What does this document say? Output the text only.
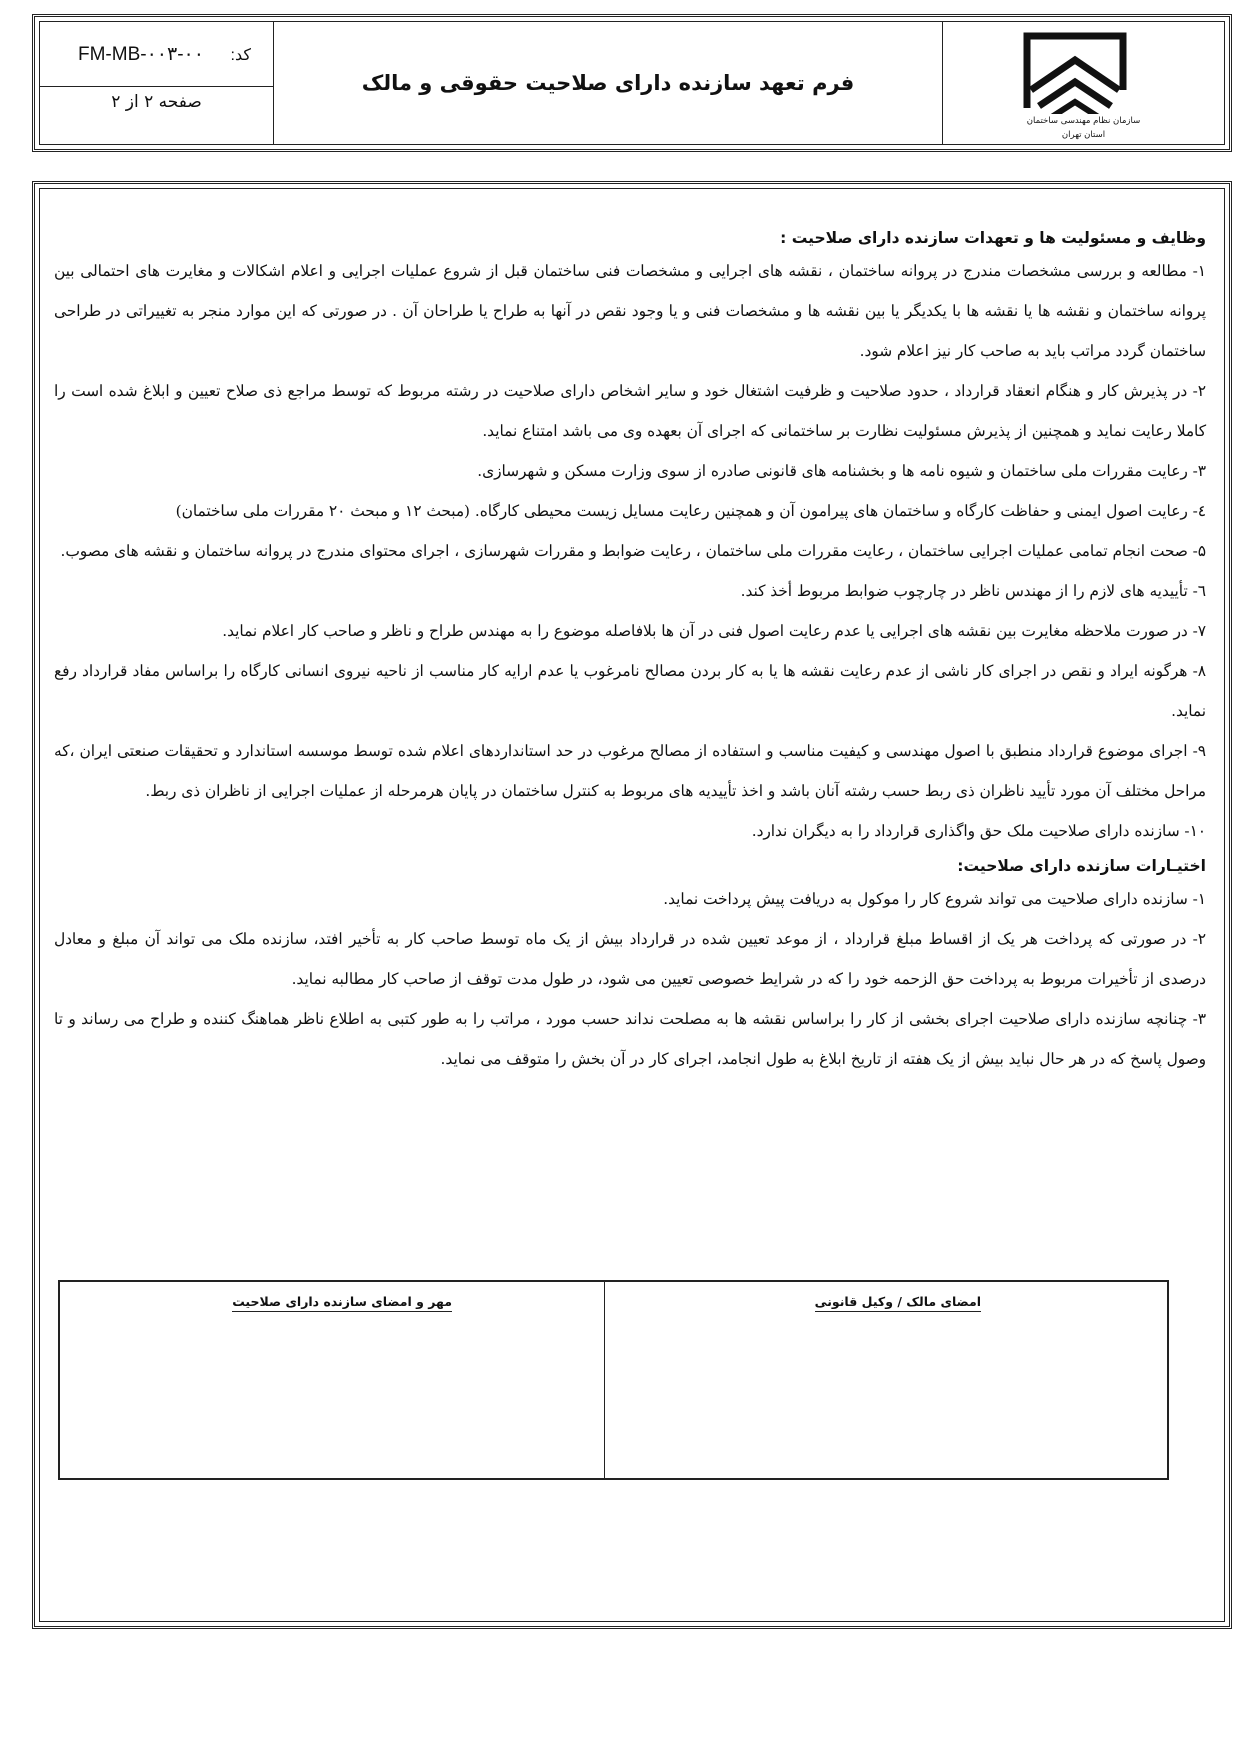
FM-MB-۰۰۳-۰۰ کد:
صفحه ۲ از ۲
فرم تعهد سازنده دارای صلاحیت حقوقی و مالک
سازمان نظام مهندسی ساختمان
استان تهران
وظایف و مسئولیت ها و تعهدات سازنده دارای صلاحیت :

۱- مطالعه و بررسی مشخصات مندرج در پروانه ساختمان ، نقشه های اجرایی و مشخصات فنی ساختمان قبل از شروع عملیات اجرایی و اعلام اشکالات و مغایرت های احتمالی بین پروانه ساختمان و نقشه ها یا نقشه ها با یکدیگر یا بین نقشه ها و مشخصات فنی و یا وجود نقص در آنها به طراح یا طراحان آن . در صورتی که این موارد منجر به تغییراتی در طراحی ساختمان گردد مراتب باید به صاحب کار نیز اعلام شود.

۲- در پذیرش کار و هنگام انعقاد قرارداد ، حدود صلاحیت و ظرفیت اشتغال خود و سایر اشخاص دارای صلاحیت در رشته مربوط که توسط مراجع ذی صلاح تعیین و ابلاغ شده است را کاملا رعایت نماید و همچنین از پذیرش مسئولیت نظارت بر ساختمانی که اجرای آن بعهده وی می باشد امتناع نماید.

۳- رعایت مقررات ملی ساختمان و شیوه نامه ها و بخشنامه های قانونی صادره از سوی وزارت مسکن و شهرسازی.

٤- رعایت اصول ایمنی و حفاظت کارگاه و ساختمان های پیرامون آن و همچنین رعایت مسایل زیست محیطی کارگاه. (مبحث ۱۲ و مبحث ۲۰ مقررات ملی ساختمان)

۵- صحت انجام تمامی عملیات اجرایی ساختمان ، رعایت مقررات ملی ساختمان ، رعایت ضوابط و مقررات شهرسازی ، اجرای محتوای مندرج در پروانه ساختمان و نقشه های مصوب.

٦- تأییدیه های لازم را از مهندس ناظر در چارچوب ضوابط مربوط أخذ کند.

۷- در صورت ملاحظه مغایرت بین نقشه های اجرایی یا عدم رعایت اصول فنی در آن ها بلافاصله موضوع را به مهندس طراح و ناظر و صاحب کار اعلام نماید.

۸- هرگونه ایراد و نقص در اجرای کار ناشی از عدم رعایت نقشه ها یا به کار بردن مصالح نامرغوب یا عدم ارایه کار مناسب از ناحیه نیروی انسانی کارگاه را براساس مفاد قرارداد رفع نماید.

۹- اجرای موضوع قرارداد منطبق با اصول مهندسی و کیفیت مناسب و استفاده از مصالح مرغوب در حد استانداردهای اعلام شده توسط موسسه استاندارد و تحقیقات صنعتی ایران ،که مراحل مختلف آن مورد تأیید ناظران ذی ربط حسب رشته آنان باشد و اخذ تأییدیه های مربوط به کنترل ساختمان در پایان هرمرحله از عملیات اجرایی از ناظران ذی ربط.

۱۰- سازنده دارای صلاحیت ملک حق واگذاری قرارداد را به دیگران ندارد.

اختیـارات سازنده دارای صلاحیت:

۱- سازنده دارای صلاحیت می تواند شروع کار را موکول به دریافت پیش پرداخت نماید.

۲- در صورتی که پرداخت هر یک از اقساط مبلغ قرارداد ، از موعد تعیین شده در قرارداد بیش از یک ماه توسط صاحب کار به تأخیر افتد، سازنده ملک می تواند آن مبلغ و معادل درصدی از تأخیرات مربوط به پرداخت حق الزحمه خود را که در شرایط خصوصی تعیین می شود، در طول مدت توقف از صاحب کار مطالبه نماید.

۳- چنانچه سازنده دارای صلاحیت اجرای بخشی از کار را براساس نقشه ها به مصلحت نداند حسب مورد ، مراتب را به طور کتبی به اطلاع ناظر هماهنگ کننده و طراح می رساند و تا وصول پاسخ که در هر حال نباید بیش از یک هفته از تاریخ ابلاغ به طول انجامد، اجرای کار در آن بخش را متوقف می نماید.

مهر و امضای سازنده دارای صلاحیت	امضای مالک / وکیل قانونی
